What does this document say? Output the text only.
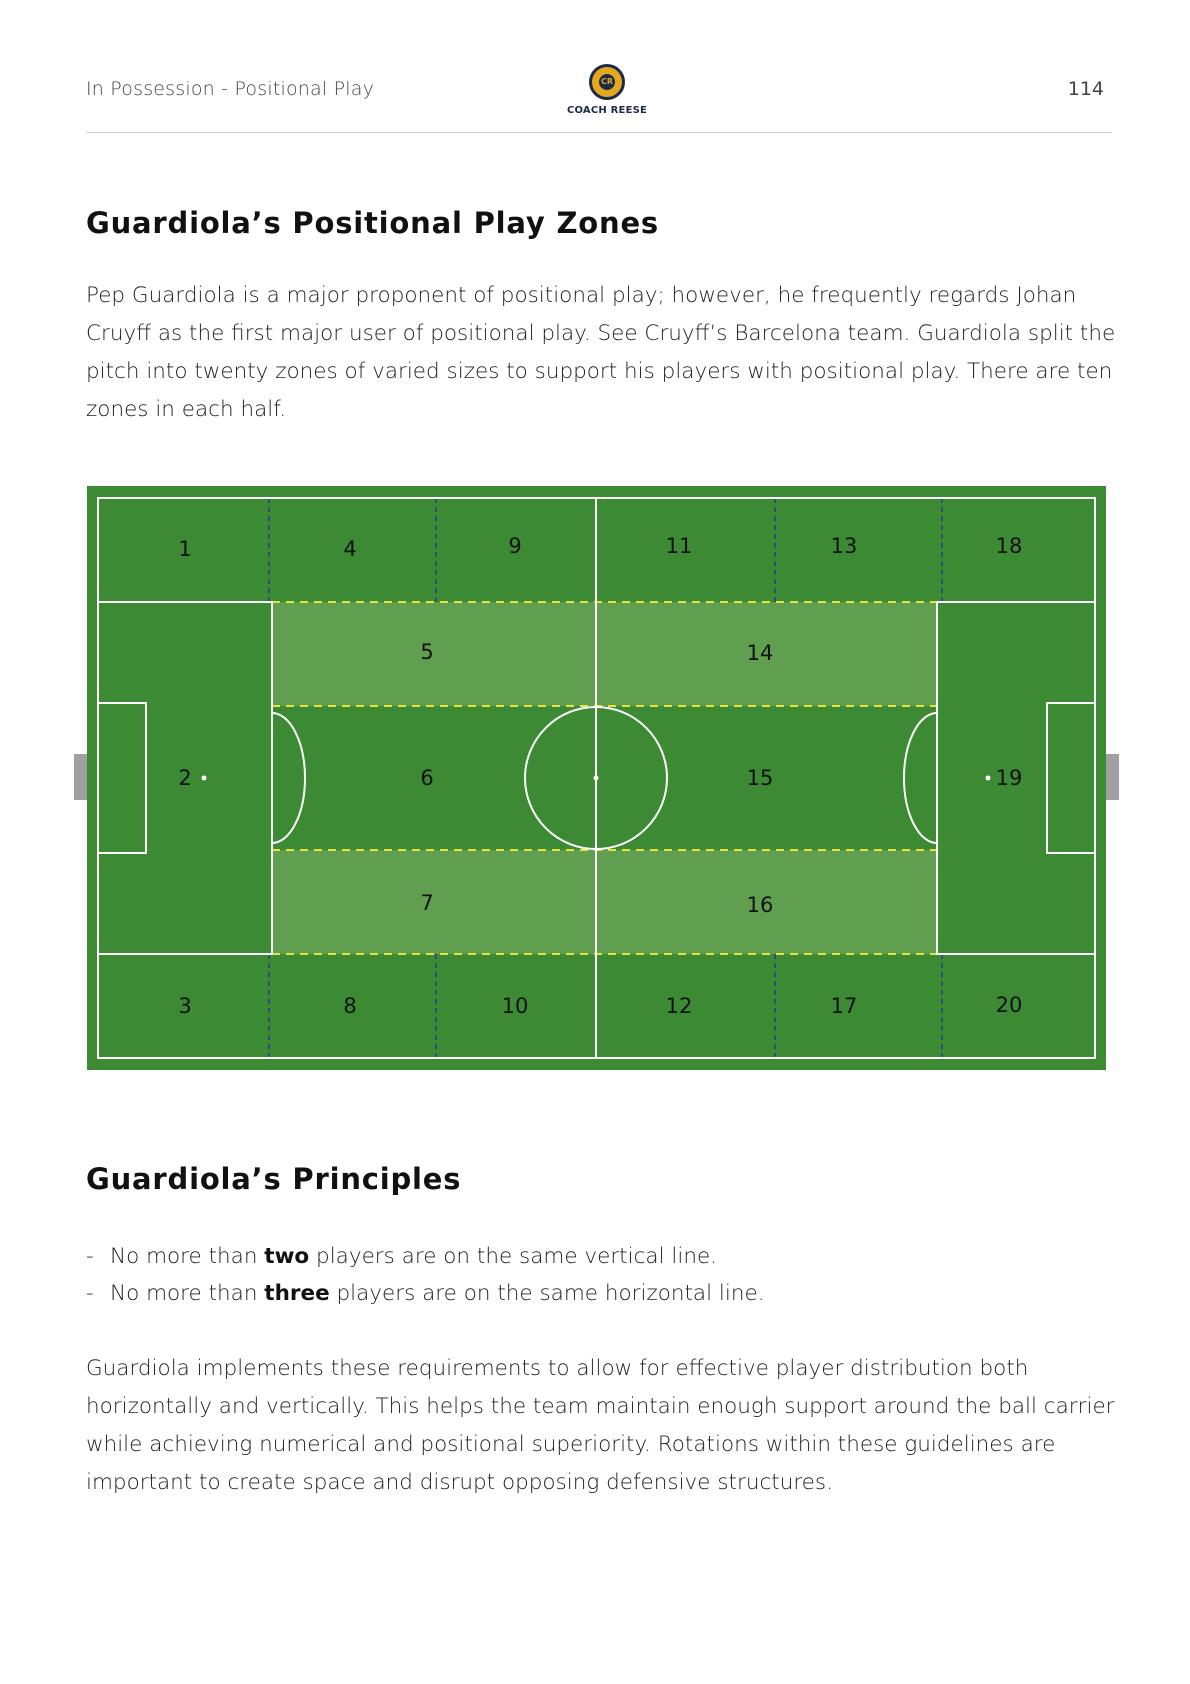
In Possession - Positional Play	CR
COACH REESE
114
Guardiola’s Positional Play Zones

Pep Guardiola is a major proponent of positional play; however, he frequently regards Johan Cruyff as the first major user of positional play. See Cruyff’s Barcelona team. Guardiola split the pitch into twenty zones of varied sizes to support his players with positional play. There are ten zones in each half.

1
2
3
4
5
6
7
8
9
10
11
12
13
14
15
16
17
18
19
20
Guardiola’s Principles
- No more than two players are on the same vertical line.
- No more than three players are on the same horizontal line.

Guardiola implements these requirements to allow for effective player distribution both horizontally and vertically. This helps the team maintain enough support around the ball carrier while achieving numerical and positional superiority. Rotations within these guidelines are important to create space and disrupt opposing defensive structures.
